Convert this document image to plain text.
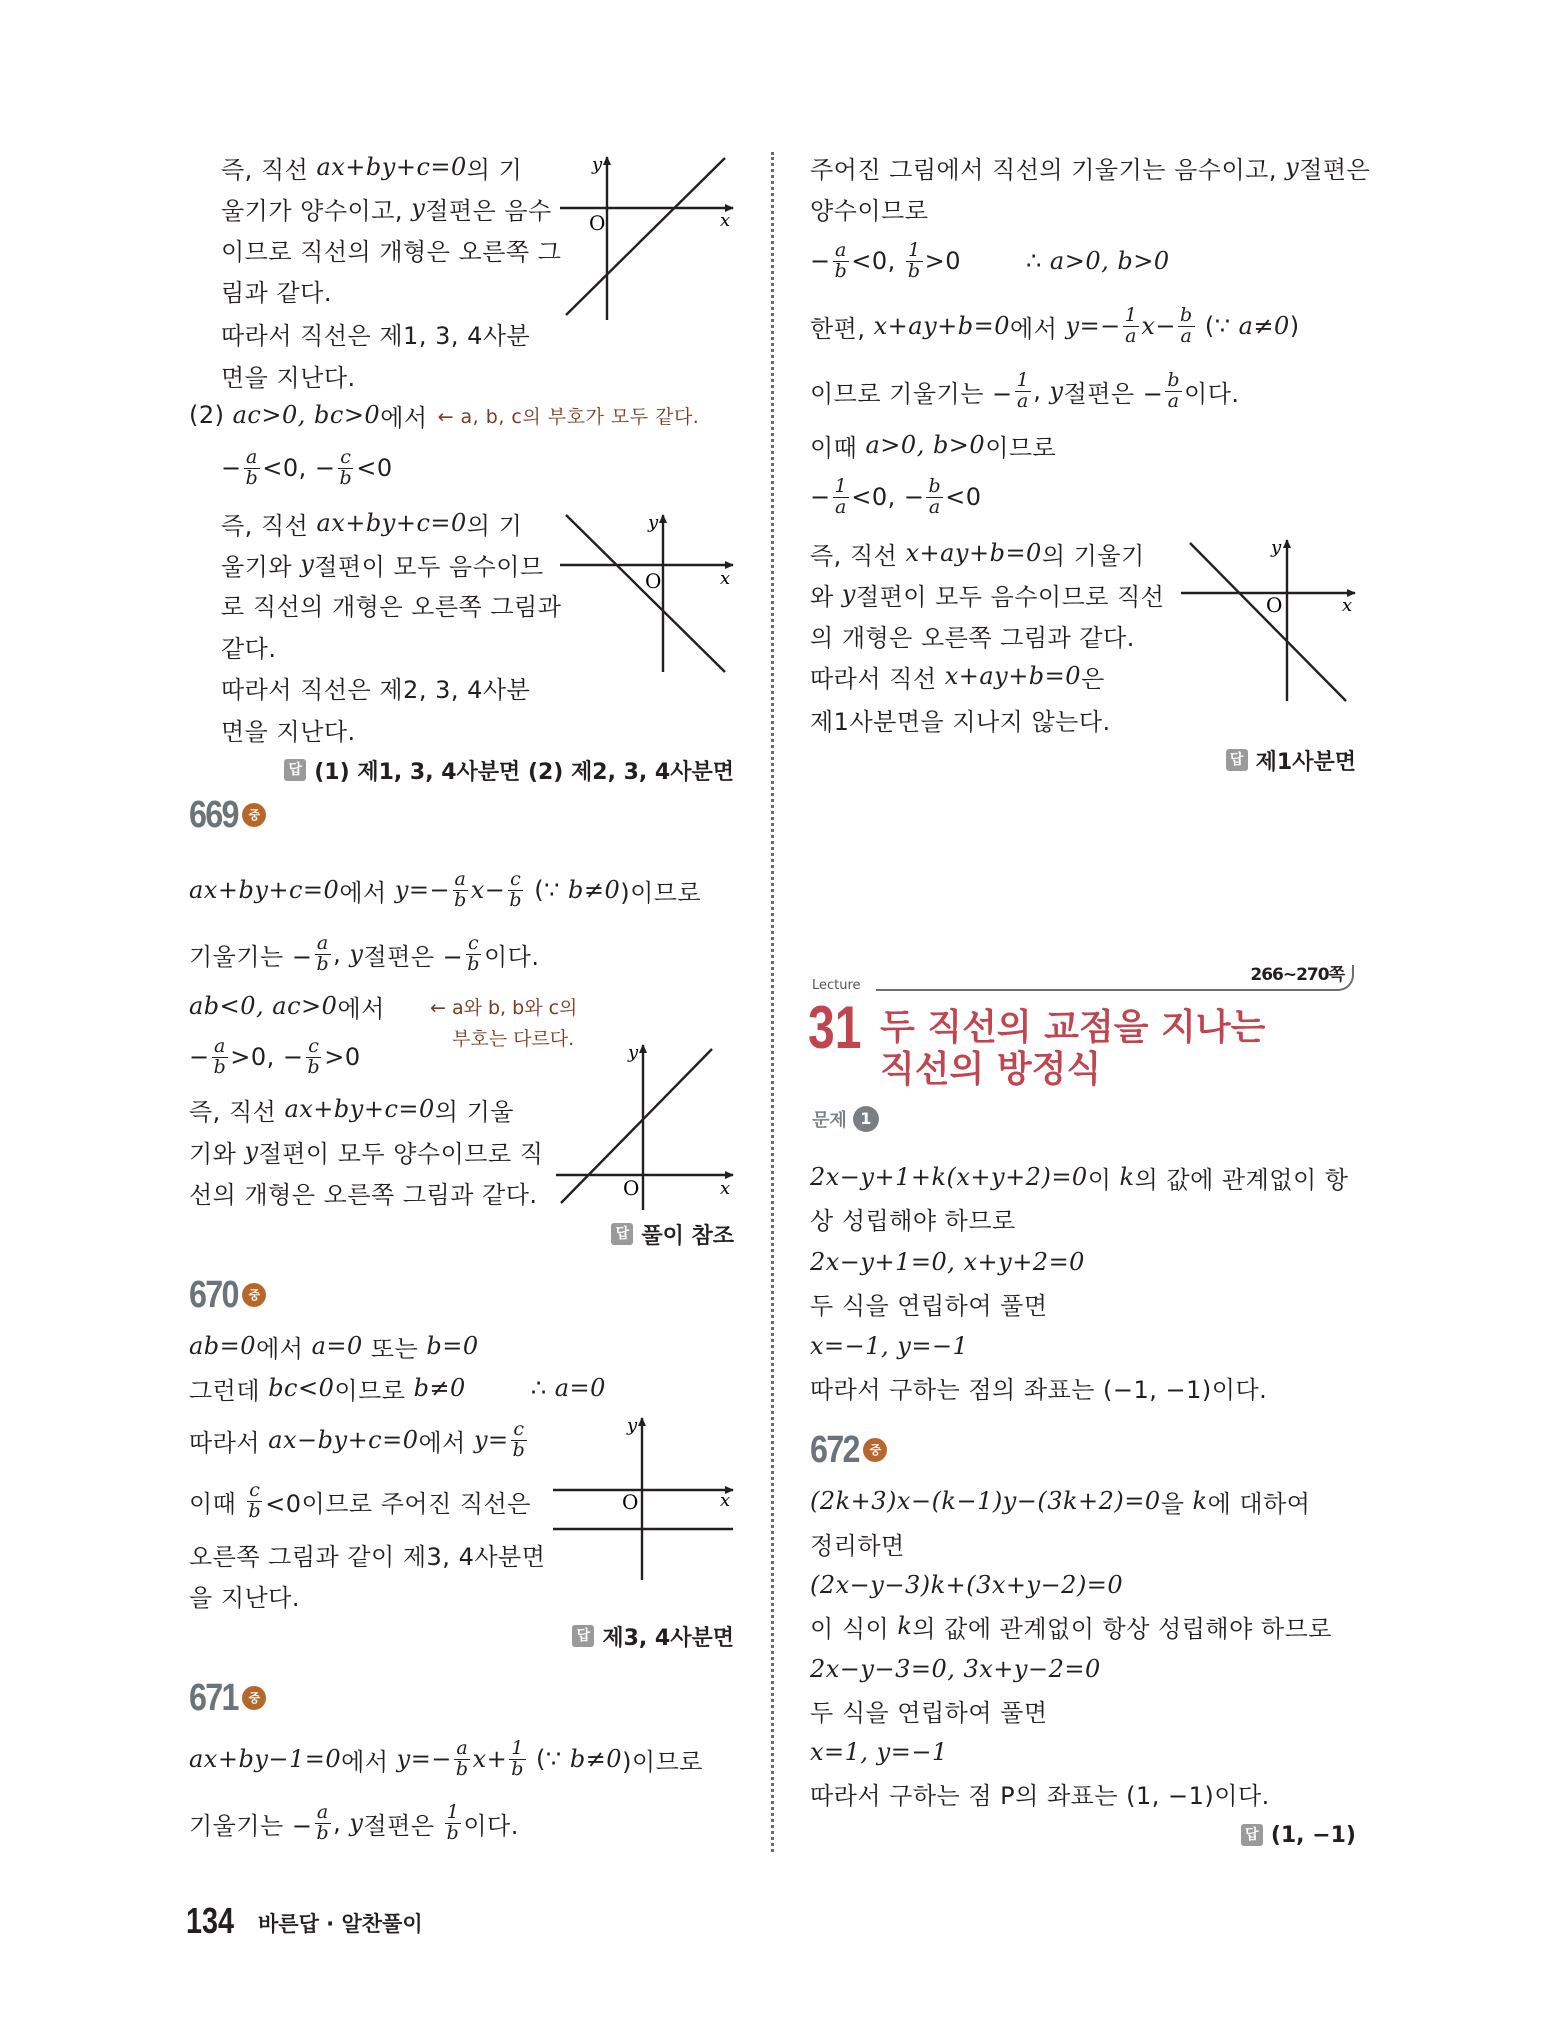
O
y
x
O
y
x
O
y
x
O
y
x
O
y
x
즉, 직선 ax+by+c=0 의 기
울기가 양수이고, y 절편은 음수
이므로 직선의 개형은 오른쪽 그
림과 같다.
따라서 직선은 제1, 3, 4사분
면을 지난다.
(2) ac>0, bc>0 에서 ← a, b, c의 부호가 모두 같다.
− $\frac{a}{b} <0$, − $\frac{c}{b} <0$
즉, 직선 ax+by+c=0 의 기
울기와 y 절편이 모두 음수이므
로 직선의 개형은 오른쪽 그림과
같다.
따라서 직선은 제2, 3, 4사분
면을 지난다.
답 (1) 제1, 3, 4사분면 (2) 제2, 3, 4사분면
669 중
ax+by+c=0 에서 $y=- \frac{a}{b} x- \frac{c}{b}$ (∵ b≠0 )이므로
기울기는 − $\frac{a}{b}$ , y 절편은 − $\frac{c}{b}$ 이다.
ab<0, ac>0 에서 ← a와 b, b와 c의
부호는 다르다.
− $\frac{a}{b} >0$, − $\frac{c}{b} >0$
즉, 직선 ax+by+c=0 의 기울
기와 y 절편이 모두 양수이므로 직
선의 개형은 오른쪽 그림과 같다.
답 풀이 참조
670 중
ab=0 에서 a=0 또는 b=0
그런데 bc<0 이므로 b≠0 ∴ a=0
따라서 ax−by+c=0 에서 $y= \frac{c}{b}$
이때 $\frac{c}{b} <0$이므로 주어진 직선은
오른쪽 그림과 같이 제3, 4사분면
을 지난다.
답 제3, 4사분면
671 중
ax+by−1=0 에서 $y=- \frac{a}{b} x+ \frac{1}{b}$ (∵ b≠0 )이므로
기울기는 − $\frac{a}{b}$ , y 절편은 $\frac{1}{b}$ 이다.
주어진 그림에서 직선의 기울기는 음수이고, y 절편은
양수이므로
− $\frac{a}{b} <0$, $\frac{1}{b} >0$        ∴ a>0, b>0
한편, x+ay+b=0 에서 $y=- \frac{1}{a} x- \frac{b}{a}$ (∵ a≠0 )
이므로 기울기는 − $\frac{1}{a}$ , y 절편은 − $\frac{b}{a}$ 이다.
이때 a>0, b>0 이므로
− $\frac{1}{a} <0$, − $\frac{b}{a} <0$
즉, 직선 x+ay+b=0 의 기울기
와 y 절편이 모두 음수이므로 직선
의 개형은 오른쪽 그림과 같다.
따라서 직선 x+ay+b=0 은
제1사분면을 지나지 않는다.
답 제1사분면
266~270쪽
Lecture
31 두 직선의 교점을 지나는
직선의 방정식
문제 1
2x−y+1+k(x+y+2)=0 이 k 의 값에 관계없이 항
상 성립해야 하므로
2x−y+1=0, x+y+2=0
두 식을 연립하여 풀면
x=−1, y=−1
따라서 구하는 점의 좌표는 (−1, −1)이다.
672 중
(2k+3)x−(k−1)y−(3k+2)=0 을 k 에 대하여
정리하면
(2x−y−3)k+(3x+y−2)=0
이 식이 k 의 값에 관계없이 항상 성립해야 하므로
2x−y−3=0, 3x+y−2=0
두 식을 연립하여 풀면
x=1, y=−1
따라서 구하는 점 P의 좌표는 (1, −1)이다.
답 (1, −1)
134 바른답 · 알찬풀이
